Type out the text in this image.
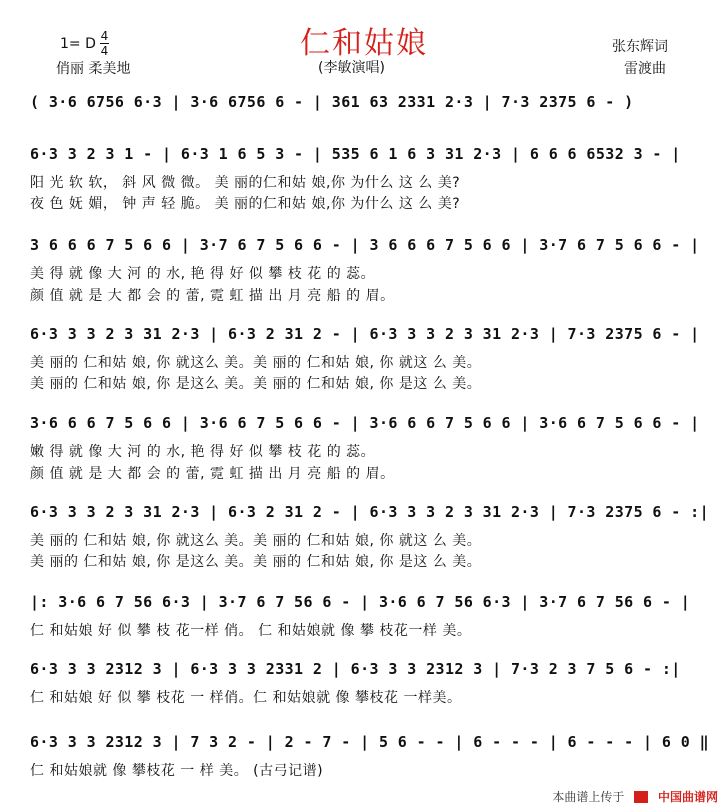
仁和姑娘
1= D 4
4
俏丽 柔美地	(李敏演唱)
张东辉词
雷渡曲
( 3·6 6756 6·3 | 3·6 6756 6 - | 361 63 2331 2·3 | 7·3 2375 6 - )
6·3 3 2 3 1 - | 6·3 1 6 5 3 - | 535 6 1 6 3 31 2·3 | 6 6 6 6532 3 - |
阳 光 软 软， 斜 风 微 微。 美 丽的仁和姑 娘,你 为什么 这 么 美?
夜 色 妩 媚， 钟 声 轻 脆。 美 丽的仁和姑 娘,你 为什么 这 么 美?
3 6 6 6 7 5 6 6 | 3·7 6 7 5 6 6 - | 3 6 6 6 7 5 6 6 | 3·7 6 7 5 6 6 - |
美 得 就 像 大 河 的 水, 艳 得 好 似 攀 枝 花 的 蕊。
颜 值 就 是 大 都 会 的 蕾, 霓 虹 描 出 月 亮 船 的 眉。
6·3 3 3 2 3 31 2·3 | 6·3 2 31 2 - | 6·3 3 3 2 3 31 2·3 | 7·3 2375 6 - |
美 丽的 仁和姑 娘, 你 就这么 美。美 丽的 仁和姑 娘, 你 就这 么 美。
美 丽的 仁和姑 娘, 你 是这么 美。美 丽的 仁和姑 娘, 你 是这 么 美。
3·6 6 6 7 5 6 6 | 3·6 6 7 5 6 6 - | 3·6 6 6 7 5 6 6 | 3·6 6 7 5 6 6 - |
嫩 得 就 像 大 河 的 水, 艳 得 好 似 攀 枝 花 的 蕊。
颜 值 就 是 大 都 会 的 蕾, 霓 虹 描 出 月 亮 船 的 眉。
6·3 3 3 2 3 31 2·3 | 6·3 2 31 2 - | 6·3 3 3 2 3 31 2·3 | 7·3 2375 6 - :|
美 丽的 仁和姑 娘, 你 就这么 美。美 丽的 仁和姑 娘, 你 就这 么 美。
美 丽的 仁和姑 娘, 你 是这么 美。美 丽的 仁和姑 娘, 你 是这 么 美。
|: 3·6 6 7 56 6·3 | 3·7 6 7 56 6 - | 3·6 6 7 56 6·3 | 3·7 6 7 56 6 - |
仁 和姑娘 好 似 攀 枝 花一样 俏。 仁 和姑娘就 像 攀 枝花一样 美。
6·3 3 3 2312 3 | 6·3 3 3 2331 2 | 6·3 3 3 2312 3 | 7·3 2 3 7 5 6 - :|
仁 和姑娘 好 似 攀 枝花 一 样俏。仁 和姑娘就 像 攀枝花 一样美。
6·3 3 3 2312 3 | 7 3 2 - | 2 - 7 - | 5 6 - - | 6 - - - | 6 - - - | 6 0 ‖
仁 和姑娘就 像 攀枝花 一 样 美。 (古弓记谱)
本曲谱上传于	中国曲谱网
